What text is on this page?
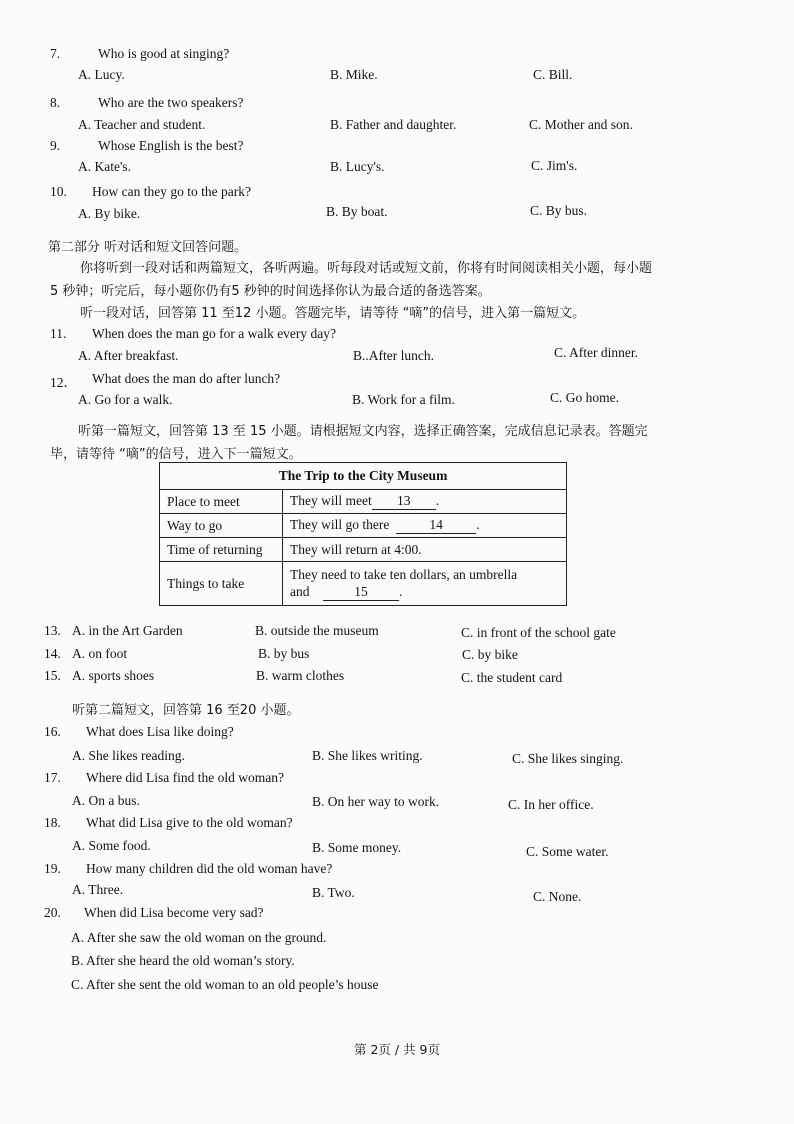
7.	Who is good at singing?
A. Lucy.	B. Mike.	C. Bill.
8.	Who are the two speakers?
A. Teacher and student.	B. Father and daughter.	C. Mother and son.
9.	Whose English is the best?
A. Kate's.	B. Lucy's.	C. Jim's.
10. How can they go to the park?
A. By bike.	B. By boat.	C. By bus.
第二部分 听对话和短文回答问题。
你将听到一段对话和两篇短文，各听两遍。听每段对话或短文前，你将有时间阅读相关小题，每小题 5 秒钟；听完后，每小题你仍有5 秒钟的时间选择你认为最合适的备选答案。
听一段对话，回答第 11 至12 小题。答题完毕，请等待 “嘀”的信号，进入第一篇短文。
11. When does the man go for a walk every day?
A. After breakfast.	B..After lunch.	C. After dinner.
12． What does the man do after lunch?
A. Go for a walk.	B. Work for a film.	C. Go home.
听第一篇短文，回答第 13 至 15 小题。请根据短文内容，选择正确答案，完成信息记录表。答题完毕，请等待 “嘀”的信号，进入下一篇短文。
The Trip to the City Museum	
Place to meet	They will meet 13 .
Way to go	They will go there 14 .
Time of returning	They will return at 4:00.
Things to take	They need to take ten dollars, an umbrella
and 15 .
13. A. in the Art Garden	B. outside the museum	C. in front of the school gate
14. A. on foot	B. by bus	C. by bike
15. A. sports shoes	B. warm clothes	C. the student card
听第二篇短文，回答第 16 至20 小题。
16. What does Lisa like doing?
A. She likes reading.	B. She likes writing.	C. She likes singing.
17. Where did Lisa find the old woman?
A. On a bus.	B. On her way to work.	C. In her office.
18. What did Lisa give to the old woman?
A. Some food.	B. Some money.	C. Some water.
19. How many children did the old woman have?
A. Three.	B. Two.	C. None.
20. When did Lisa become very sad?
A. After she saw the old woman on the ground.
B. After she heard the old woman’s story.
C. After she sent the old woman to an old people’s house
第 2页 / 共 9页
